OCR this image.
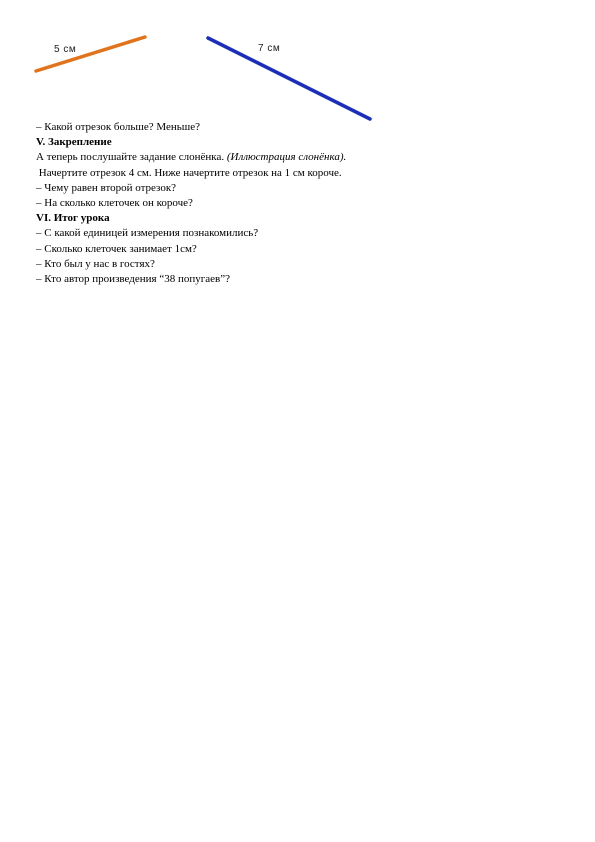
5 см	7 см

– Какой отрезок больше? Меньше?

V. Закрепление

А теперь послушайте задание слонёнка. (Иллюстрация слонёнка).

Начертите отрезок 4 см. Ниже начертите отрезок на 1 см короче.

– Чему равен второй отрезок?

– На сколько клеточек он короче?

VI. Итог урока

– С какой единицей измерения познакомились?

– Сколько клеточек занимает 1см?

– Кто был у нас в гостях?

– Кто автор произведения “38 попугаев”?
